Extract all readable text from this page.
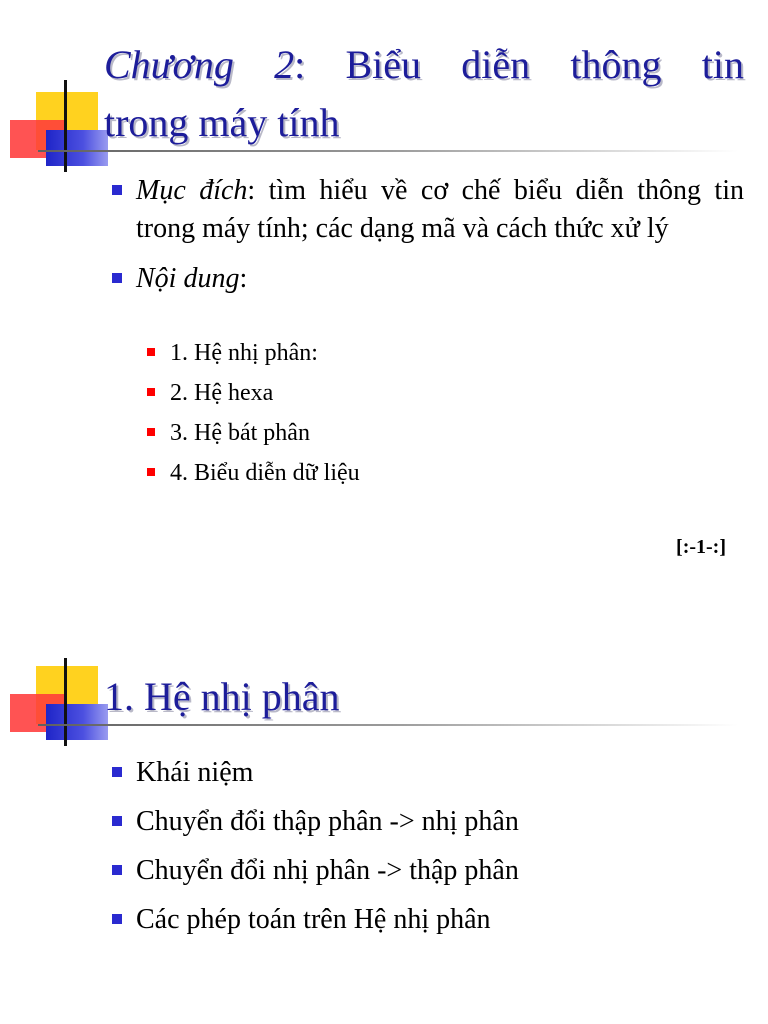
Chương 2: Biểu diễn thông tin
trong máy tính
Mục đích: tìm hiểu về cơ chế biểu diễn thông tin trong máy tính; các dạng mã và cách thức xử lý
Nội dung:
1. Hệ nhị phân:
2. Hệ hexa
3. Hệ bát phân
4. Biểu diễn dữ liệu
[:-1-:]
1. Hệ nhị phân
Khái niệm
Chuyển đổi thập phân -> nhị phân
Chuyển đổi nhị phân -> thập phân
Các phép toán trên Hệ nhị phân
